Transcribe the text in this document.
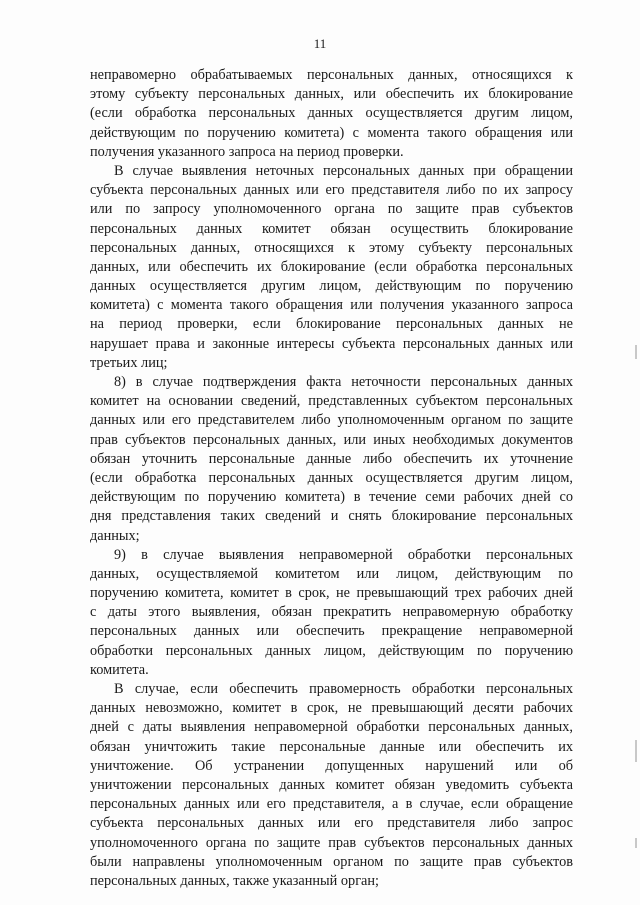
11
неправомерно обрабатываемых персональных данных, относящихся к
этому субъекту персональных данных, или обеспечить их блокирование
(если обработка персональных данных осуществляется другим лицом,
действующим по поручению комитета) с момента такого обращения или
получения указанного запроса на период проверки.
В случае выявления неточных персональных данных при обращении
субъекта персональных данных или его представителя либо по их запросу
или по запросу уполномоченного органа по защите прав субъектов
персональных данных комитет обязан осуществить блокирование
персональных данных, относящихся к этому субъекту персональных
данных, или обеспечить их блокирование (если обработка персональных
данных осуществляется другим лицом, действующим по поручению
комитета) с момента такого обращения или получения указанного запроса
на период проверки, если блокирование персональных данных не
нарушает права и законные интересы субъекта персональных данных или
третьих лиц;
8) в случае подтверждения факта неточности персональных данных
комитет на основании сведений, представленных субъектом персональных
данных или его представителем либо уполномоченным органом по защите
прав субъектов персональных данных, или иных необходимых документов
обязан уточнить персональные данные либо обеспечить их уточнение
(если обработка персональных данных осуществляется другим лицом,
действующим по поручению комитета) в течение семи рабочих дней со
дня представления таких сведений и снять блокирование персональных
данных;
9) в случае выявления неправомерной обработки персональных
данных, осуществляемой комитетом или лицом, действующим по
поручению комитета, комитет в срок, не превышающий трех рабочих дней
с даты этого выявления, обязан прекратить неправомерную обработку
персональных данных или обеспечить прекращение неправомерной
обработки персональных данных лицом, действующим по поручению
комитета.
В случае, если обеспечить правомерность обработки персональных
данных невозможно, комитет в срок, не превышающий десяти рабочих
дней с даты выявления неправомерной обработки персональных данных,
обязан уничтожить такие персональные данные или обеспечить их
уничтожение. Об устранении допущенных нарушений или об
уничтожении персональных данных комитет обязан уведомить субъекта
персональных данных или его представителя, а в случае, если обращение
субъекта персональных данных или его представителя либо запрос
уполномоченного органа по защите прав субъектов персональных данных
были направлены уполномоченным органом по защите прав субъектов
персональных данных, также указанный орган;
